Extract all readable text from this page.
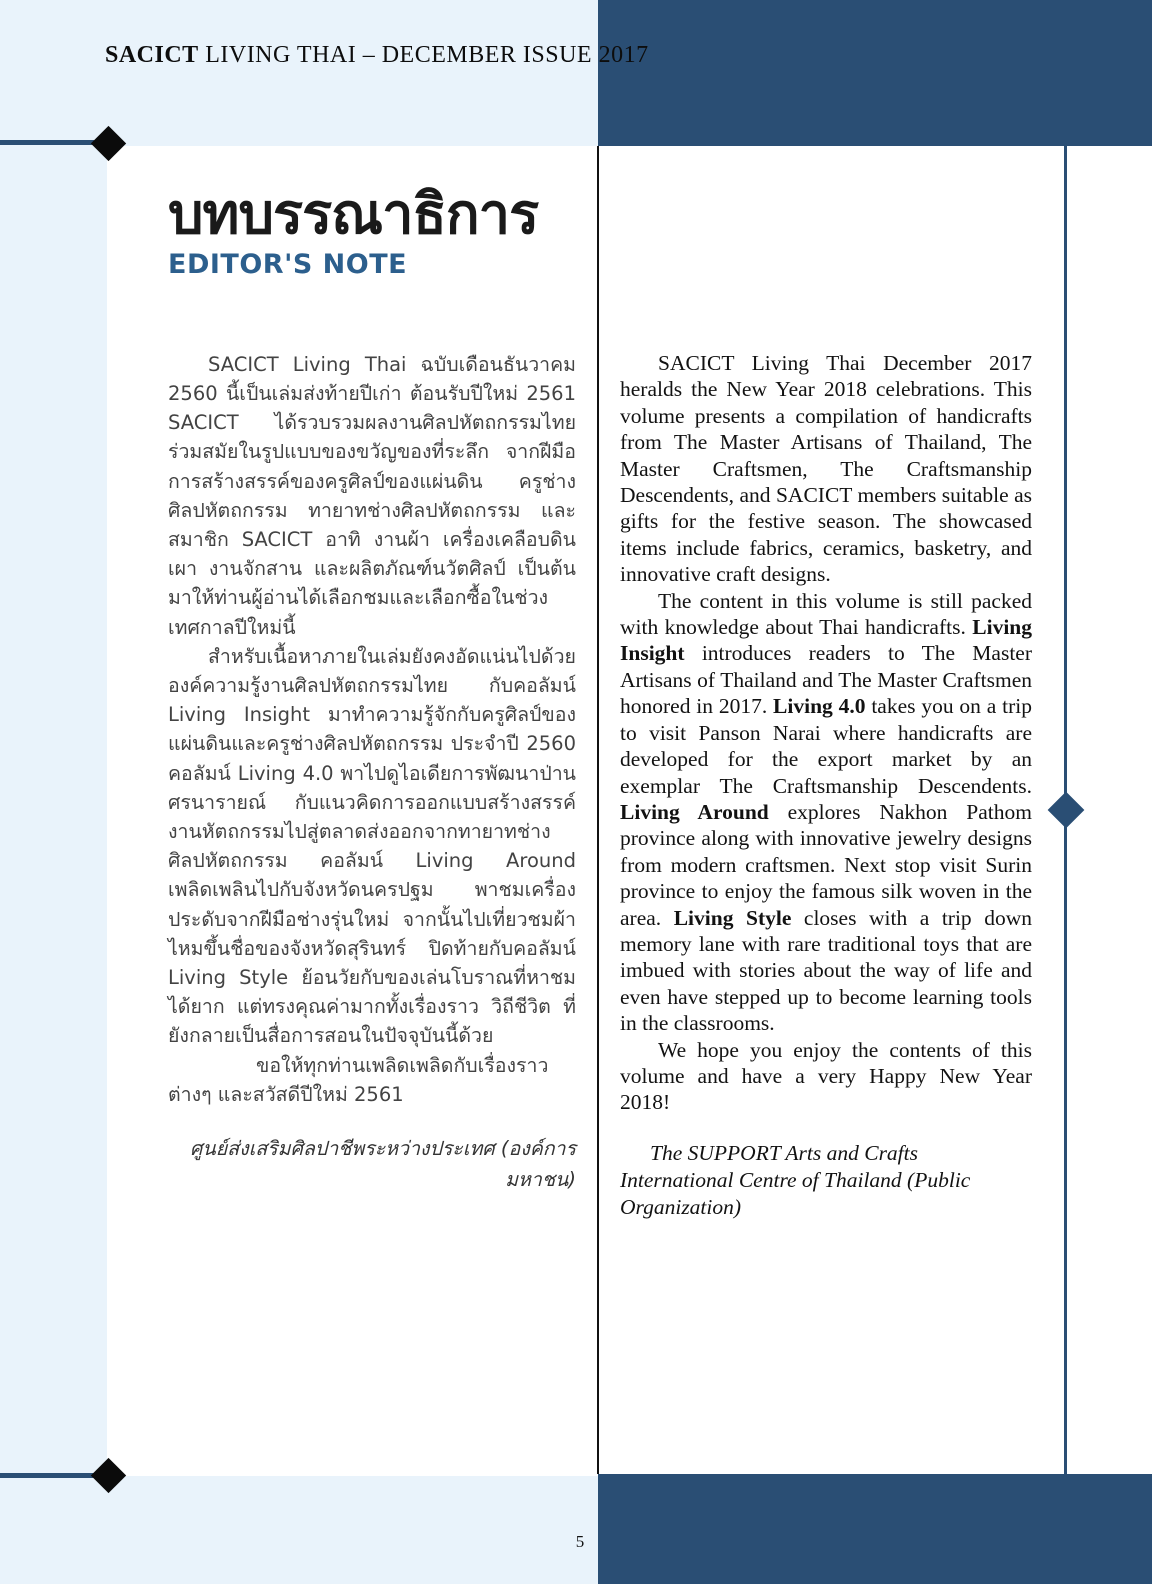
SACICT LIVING THAI – DECEMBER ISSUE 2017
บทบรรณาธิการ
EDITOR'S NOTE

SACICT Living Thai ฉบับเดือนธันวาคม 2560 นี้เป็นเล่มส่งท้ายปีเก่า ต้อนรับปีใหม่ 2561 SACICT ได้รวบรวมผลงานศิลปหัตถกรรมไทยร่วมสมัยในรูปแบบของขวัญของที่ระลึก จากฝีมือการสร้างสรรค์ของครูศิลป์ของแผ่นดิน ครูช่างศิลปหัตถกรรม ทายาทช่างศิลปหัตถกรรม และสมาชิก SACICT อาทิ งานผ้า เครื่องเคลือบดินเผา งานจักสาน และผลิตภัณฑ์นวัตศิลป์ เป็นต้น มาให้ท่านผู้อ่านได้เลือกชมและเลือกซื้อในช่วงเทศกาลปีใหม่นี้

สำหรับเนื้อหาภายในเล่มยังคงอัดแน่นไปด้วยองค์ความรู้งานศิลปหัตถกรรมไทย กับคอลัมน์ Living Insight มาทำความรู้จักกับครูศิลป์ของแผ่นดินและครูช่างศิลปหัตถกรรม ประจำปี 2560 คอลัมน์ Living 4.0 พาไปดูไอเดียการพัฒนาป่านศรนารายณ์ กับแนวคิดการออกแบบสร้างสรรค์งานหัตถกรรมไปสู่ตลาดส่งออกจากทายาทช่างศิลปหัตถกรรม คอลัมน์ Living Around เพลิดเพลินไปกับจังหวัดนครปฐม พาชมเครื่องประดับจากฝีมือช่างรุ่นใหม่ จากนั้นไปเที่ยวชมผ้าไหมขึ้นชื่อของจังหวัดสุรินทร์ ปิดท้ายกับคอลัมน์ Living Style ย้อนวัยกับของเล่นโบราณที่หาชมได้ยาก แต่ทรงคุณค่ามากทั้งเรื่องราว วิถีชีวิต ที่ยังกลายเป็นสื่อการสอนในปัจจุบันนี้ด้วย

ขอให้ทุกท่านเพลิดเพลิดกับเรื่องราวต่างๆ และสวัสดีปีใหม่ 2561

ศูนย์ส่งเสริมศิลปาชีพระหว่างประเทศ (องค์การมหาชน)

SACICT Living Thai December 2017 heralds the New Year 2018 celebrations. This volume presents a compilation of handicrafts from The Master Artisans of Thailand, The Master Craftsmen, The Craftsmanship Descendents, and SACICT members suitable as gifts for the festive season. The showcased items include fabrics, ceramics, basketry, and innovative craft designs.

The content in this volume is still packed with knowledge about Thai handicrafts. Living Insight introduces readers to The Master Artisans of Thailand and The Master Craftsmen honored in 2017. Living 4.0 takes you on a trip to visit Panson Narai where handicrafts are developed for the export market by an exemplar The Craftsmanship Descendents. Living Around explores Nakhon Pathom province along with innovative jewelry designs from modern craftsmen. Next stop visit Surin province to enjoy the famous silk woven in the area. Living Style closes with a trip down memory lane with rare traditional toys that are imbued with stories about the way of life and even have stepped up to become learning tools in the classrooms.

We hope you enjoy the contents of this volume and have a very Happy New Year 2018!

The SUPPORT Arts and Crafts International Centre of Thailand (Public Organization)
5
